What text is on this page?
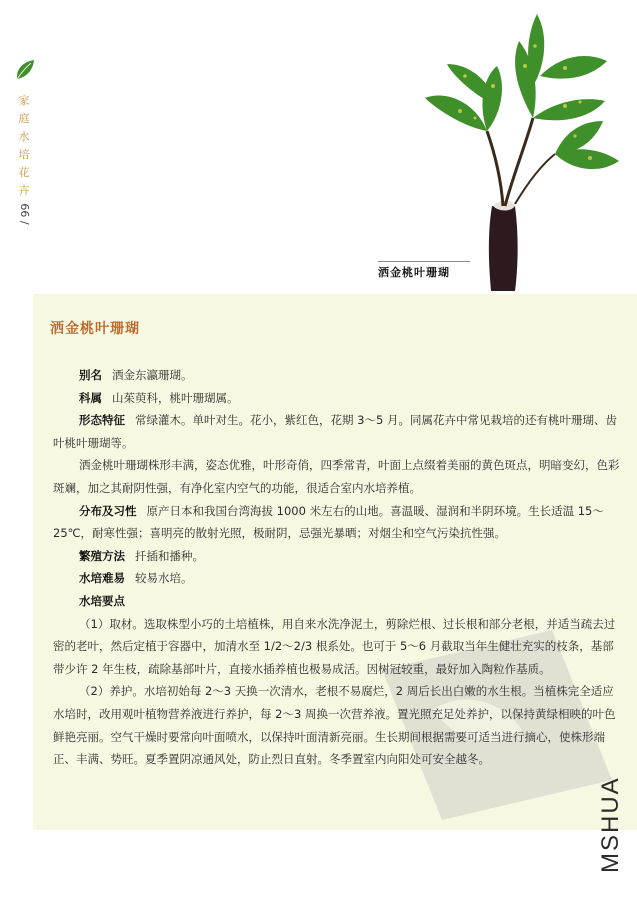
家
庭
水
培
花
卉
66 /
洒金桃叶珊瑚
洒金桃叶珊瑚

别名 洒金东瀛珊瑚。

科属 山茱萸科，桃叶珊瑚属。

形态特征 常绿灌木。单叶对生。花小，紫红色，花期 3～5 月。同属花卉中常见栽培的还有桃叶珊瑚、齿叶桃叶珊瑚等。

洒金桃叶珊瑚株形丰满，姿态优雅，叶形奇俏，四季常青，叶面上点缀着美丽的黄色斑点，明暗变幻，色彩斑斓，加之其耐阴性强，有净化室内空气的功能，很适合室内水培养植。

分布及习性 原产日本和我国台湾海拔 1000 米左右的山地。喜温暖、湿润和半阴环境。生长适温 15～25℃，耐寒性强；喜明亮的散射光照，极耐阴，忌强光暴晒；对烟尘和空气污染抗性强。

繁殖方法 扦插和播种。

水培难易 较易水培。

水培要点

（1）取材。选取株型小巧的土培植株，用自来水洗净泥土，剪除烂根、过长根和部分老根，并适当疏去过密的老叶，然后定植于容器中，加清水至 1/2～2/3 根系处。也可于 5～6 月截取当年生健壮充实的枝条，基部带少许 2 年生枝，疏除基部叶片，直接水插养植也极易成活。因树冠较重，最好加入陶粒作基质。

（2）养护。水培初始每 2～3 天换一次清水，老根不易腐烂，2 周后长出白嫩的水生根。当植株完全适应水培时，改用观叶植物营养液进行养护，每 2～3 周换一次营养液。置光照充足处养护，以保持黄绿相映的叶色鲜艳亮丽。空气干燥时要常向叶面喷水，以保持叶面清新亮丽。生长期间根据需要可适当进行摘心，使株形端正、丰满、势旺。夏季置阴凉通风处，防止烈日直射。冬季置室内向阳处可安全越冬。

MSHUA
